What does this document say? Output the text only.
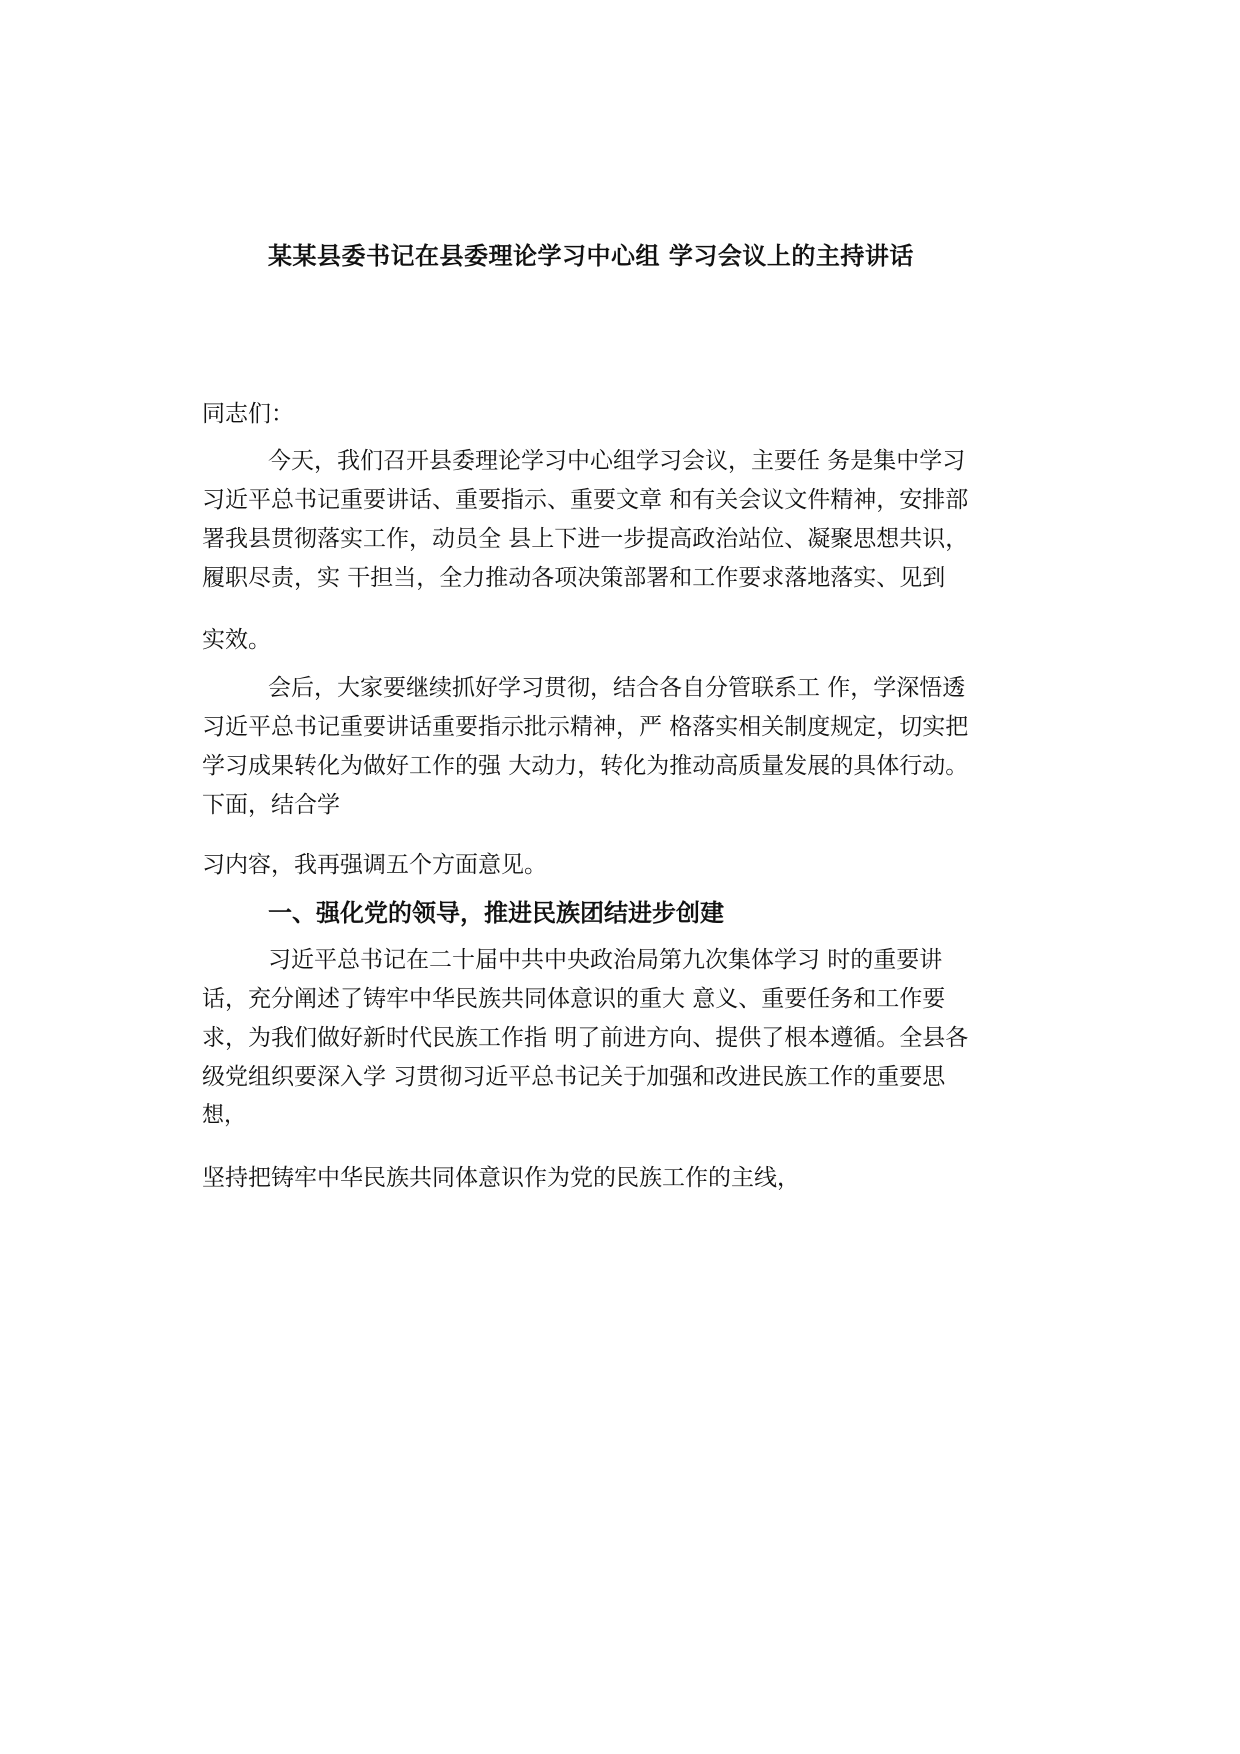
某某县委书记在县委理论学习中心组 学习会议上的主持讲话
同志们：
今天，我们召开县委理论学习中心组学习会议，主要任 务是集中学习
习近平总书记重要讲话、重要指示、重要文章 和有关会议文件精神，安排部
署我县贯彻落实工作，动员全 县上下进一步提高政治站位、凝聚思想共识，
履职尽责，实 干担当，全力推动各项决策部署和工作要求落地落实、见到
实效。
会后，大家要继续抓好学习贯彻，结合各自分管联系工 作，学深悟透
习近平总书记重要讲话重要指示批示精神，严 格落实相关制度规定，切实把
学习成果转化为做好工作的强 大动力，转化为推动高质量发展的具体行动。
下面，结合学
习内容，我再强调五个方面意见。
一、强化党的领导，推进民族团结进步创建
习近平总书记在二十届中共中央政治局第九次集体学习 时的重要讲
话，充分阐述了铸牢中华民族共同体意识的重大 意义、重要任务和工作要
求，为我们做好新时代民族工作指 明了前进方向、提供了根本遵循。全县各
级党组织要深入学 习贯彻习近平总书记关于加强和改进民族工作的重要思
想，
坚持把铸牢中华民族共同体意识作为党的民族工作的主线，
